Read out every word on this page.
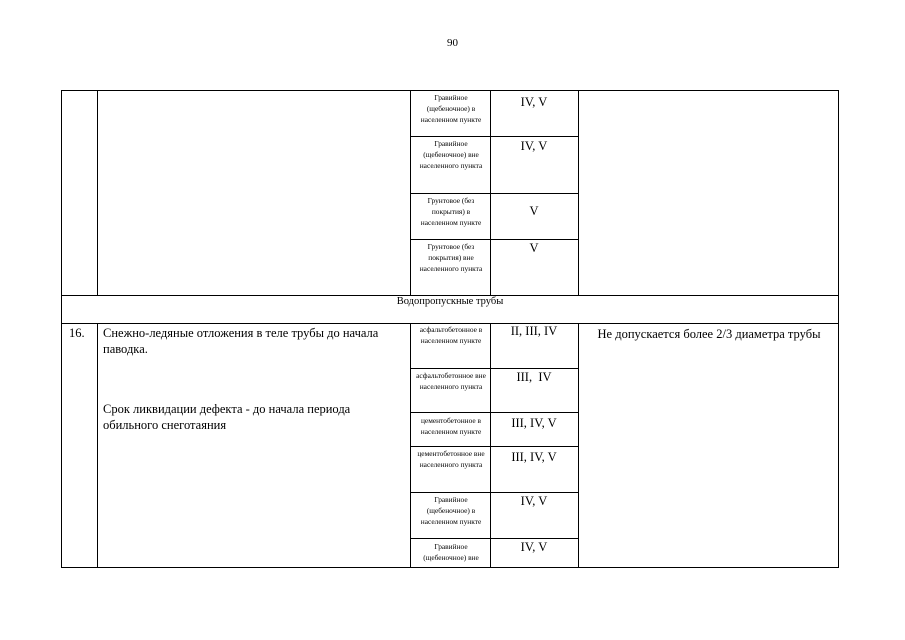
90
Гравийное (щебеночное) в населенном пункте
IV, V
Гравийное (щебеночное) вне населенного пункта
IV, V
Грунтовое (без покрытия) в населенном пункте
V
Грунтовое (без покрытия) вне населенного пункта
V
Водопропускные трубы
16. Снежно-ледяные отложения в теле трубы до начала паводка.
Срок ликвидации дефекта - до начала периода обильного снеготаяния
Не допускается более 2/3 диаметра трубы
асфальтобетонное в населенном пункте
II, III, IV
асфальтобетонное вне населенного пункта
III,  IV
цементобетонное в населенном пункте
III, IV, V
цементобетонное вне населенного пункта
III, IV, V
Гравийное (щебеночное) в населенном пункте
IV, V
Гравийное (щебеночное) вне
IV, V
